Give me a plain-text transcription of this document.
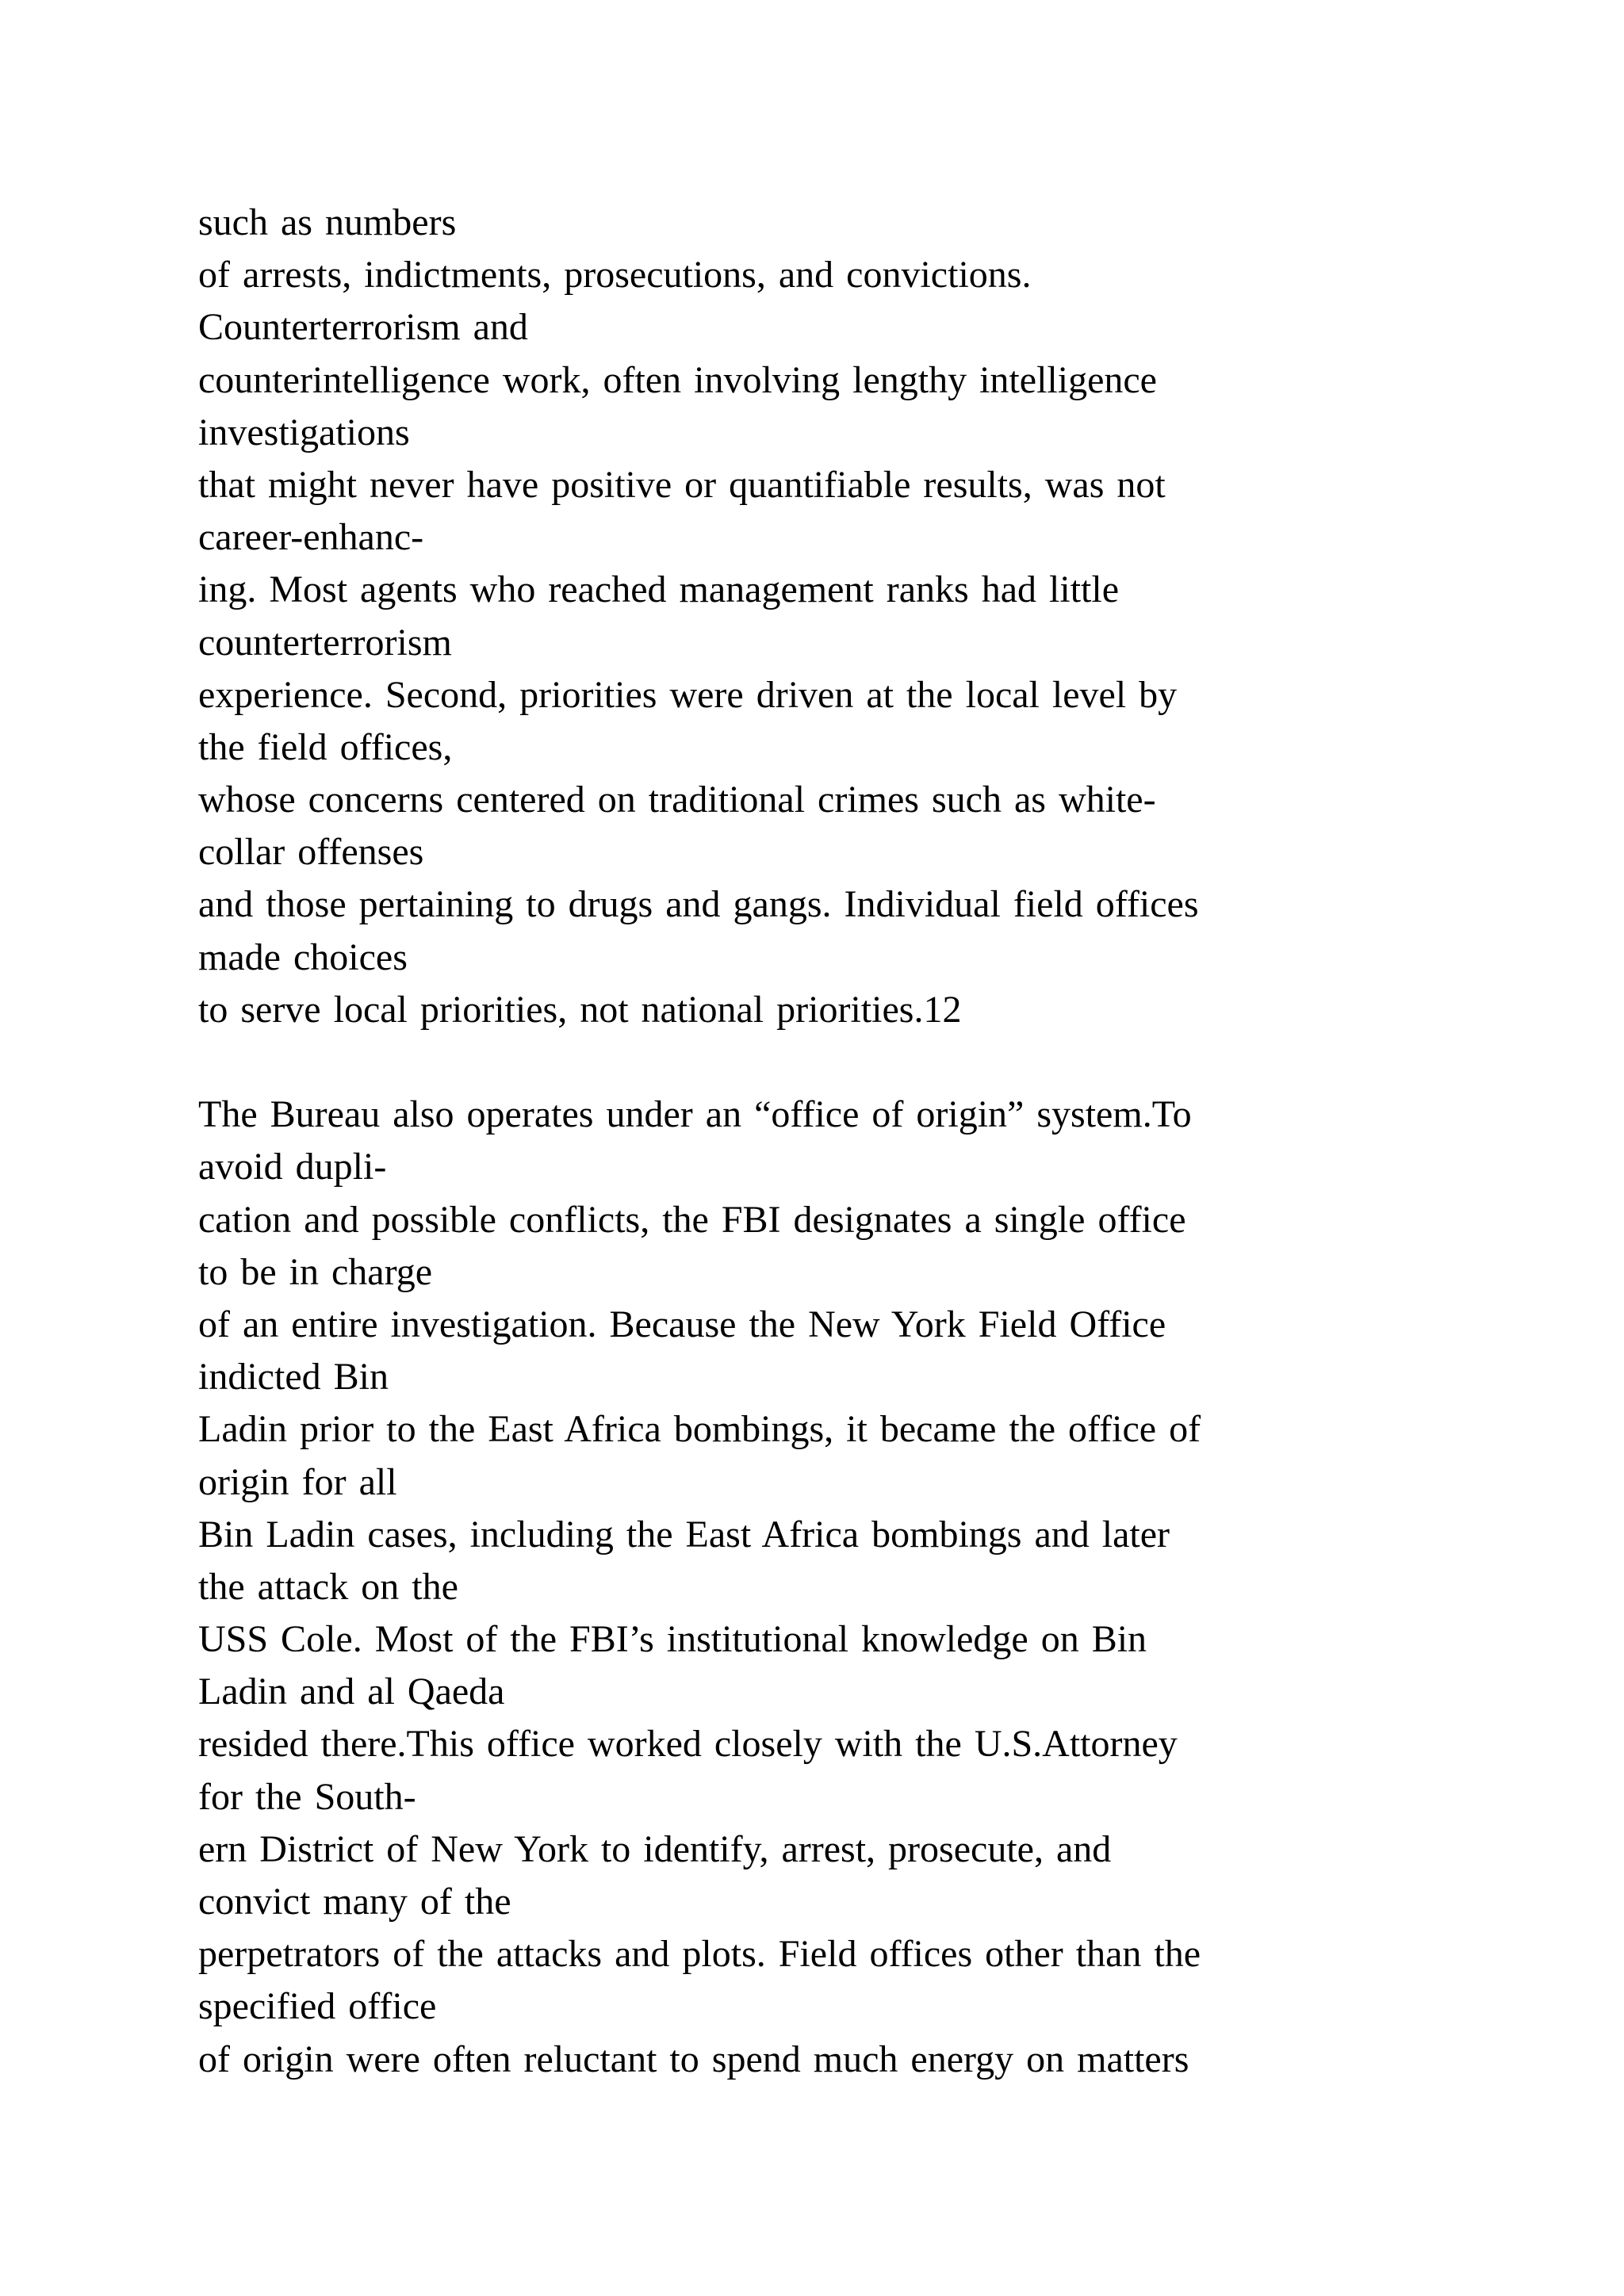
such as numbers
of arrests, indictments, prosecutions, and convictions.
Counterterrorism and
counterintelligence work, often involving lengthy intelligence
investigations
that might never have positive or quantifiable results, was not
career-enhanc-
ing. Most agents who reached management ranks had little
counterterrorism
experience. Second, priorities were driven at the local level by
the field offices,
whose concerns centered on traditional crimes such as white-
collar offenses
and those pertaining to drugs and gangs. Individual field offices
made choices
to serve local priorities, not national priorities.12
The Bureau also operates under an “office of origin” system.To
avoid dupli-
cation and possible conflicts, the FBI designates a single office
to be in charge
of an entire investigation. Because the New York Field Office
indicted Bin
Ladin prior to the East Africa bombings, it became the office of
origin for all
Bin Ladin cases, including the East Africa bombings and later
the attack on the
USS Cole. Most of the FBI’s institutional knowledge on Bin
Ladin and al Qaeda
resided there.This office worked closely with the U.S.Attorney
for the South-
ern District of New York to identify, arrest, prosecute, and
convict many of the
perpetrators of the attacks and plots. Field offices other than the
specified office
of origin were often reluctant to spend much energy on matters
